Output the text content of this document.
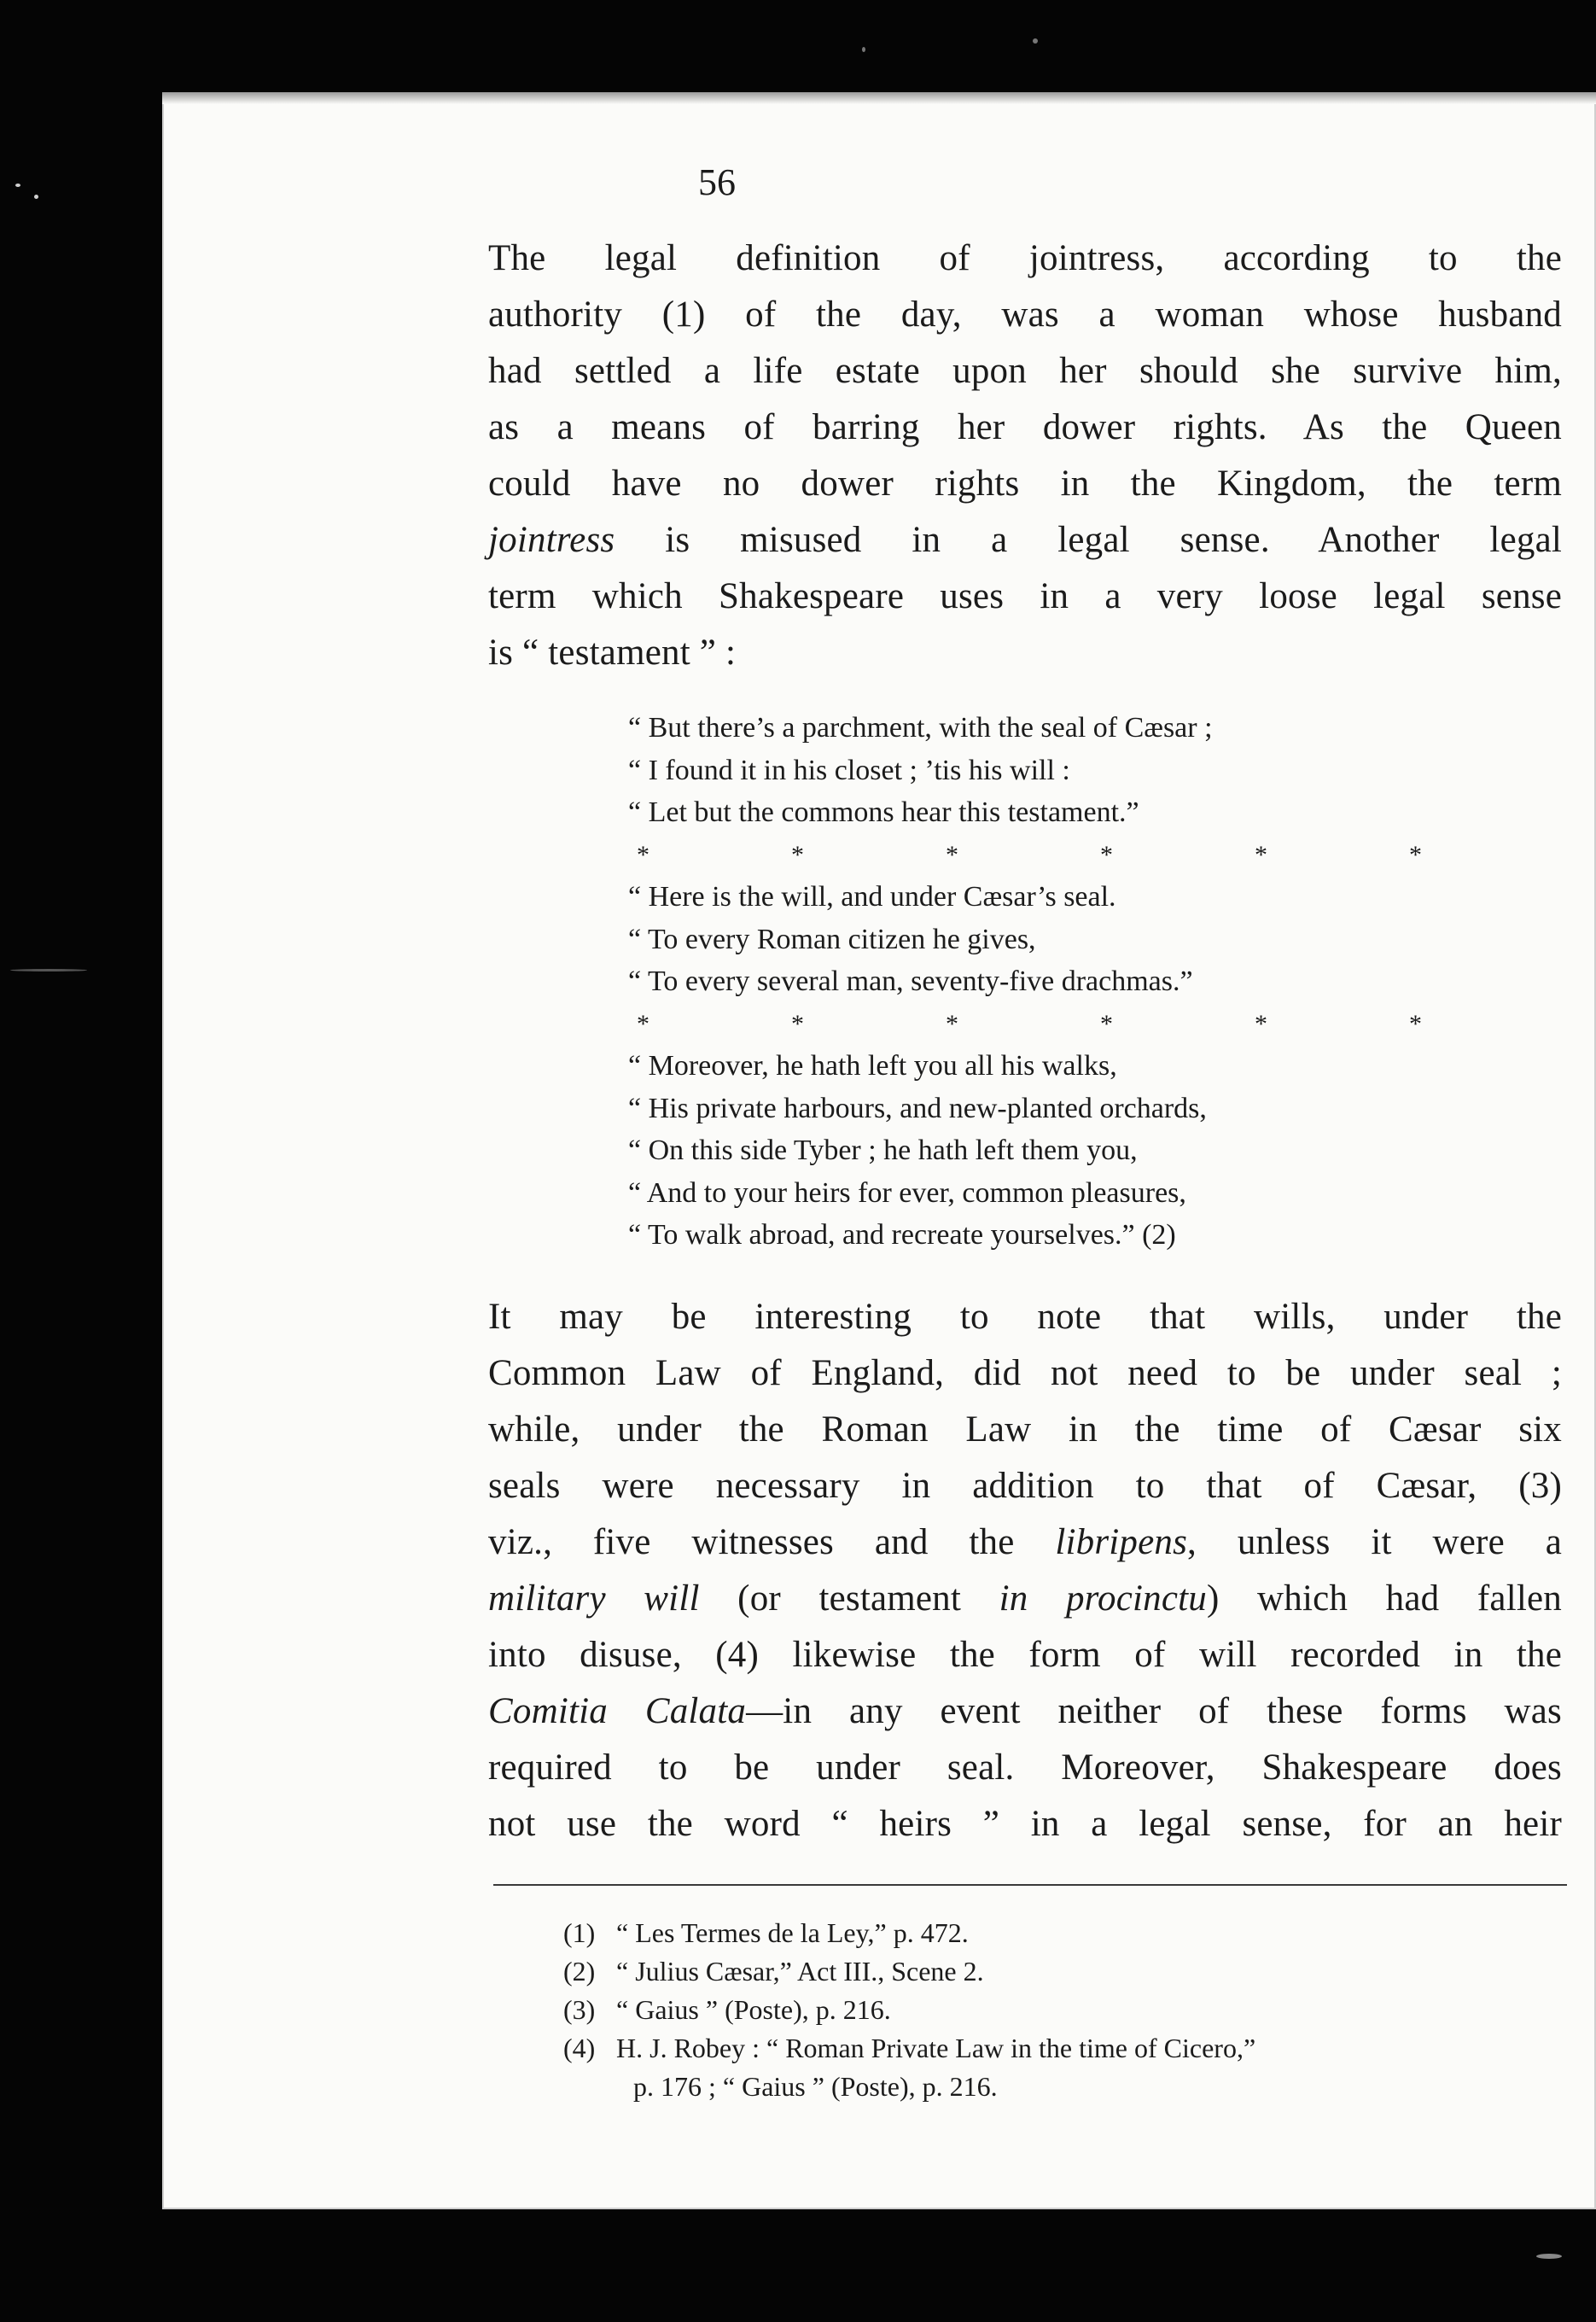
56
The legal definition of jointress, according to the
authority (1) of the day, was a woman whose husband
had settled a life estate upon her should she survive him,
as a means of barring her dower rights. As the Queen
could have no dower rights in the Kingdom, the term
jointress is misused in a legal sense. Another legal
term which Shakespeare uses in a very loose legal sense
is “ testament ” :
“ But there’s a parchment, with the seal of Cæsar ;
“ I found it in his closet ; ’tis his will :
“ Let but the commons hear this testament.”
*	*	*	*	*	*
“ Here is the will, and under Cæsar’s seal.
“ To every Roman citizen he gives,
“ To every several man, seventy-five drachmas.”
*	*	*	*	*	*
“ Moreover, he hath left you all his walks,
“ His private harbours, and new-planted orchards,
“ On this side Tyber ; he hath left them you,
“ And to your heirs for ever, common pleasures,
“ To walk abroad, and recreate yourselves.” (2)
It may be interesting to note that wills, under the
Common Law of England, did not need to be under seal ;
while, under the Roman Law in the time of Cæsar six
seals were necessary in addition to that of Cæsar, (3)
viz., five witnesses and the libripens, unless it were a
military will (or testament in procinctu) which had fallen
into disuse, (4) likewise the form of will recorded in the
Comitia Calata—in any event neither of these forms was
required to be under seal. Moreover, Shakespeare does
not use the word “ heirs ” in a legal sense, for an heir
(1) “ Les Termes de la Ley,” p. 472.
(2) “ Julius Cæsar,” Act III., Scene 2.
(3) “ Gaius ” (Poste), p. 216.
(4) H. J. Robey : “ Roman Private Law in the time of Cicero,”
p. 176 ; “ Gaius ” (Poste), p. 216.
